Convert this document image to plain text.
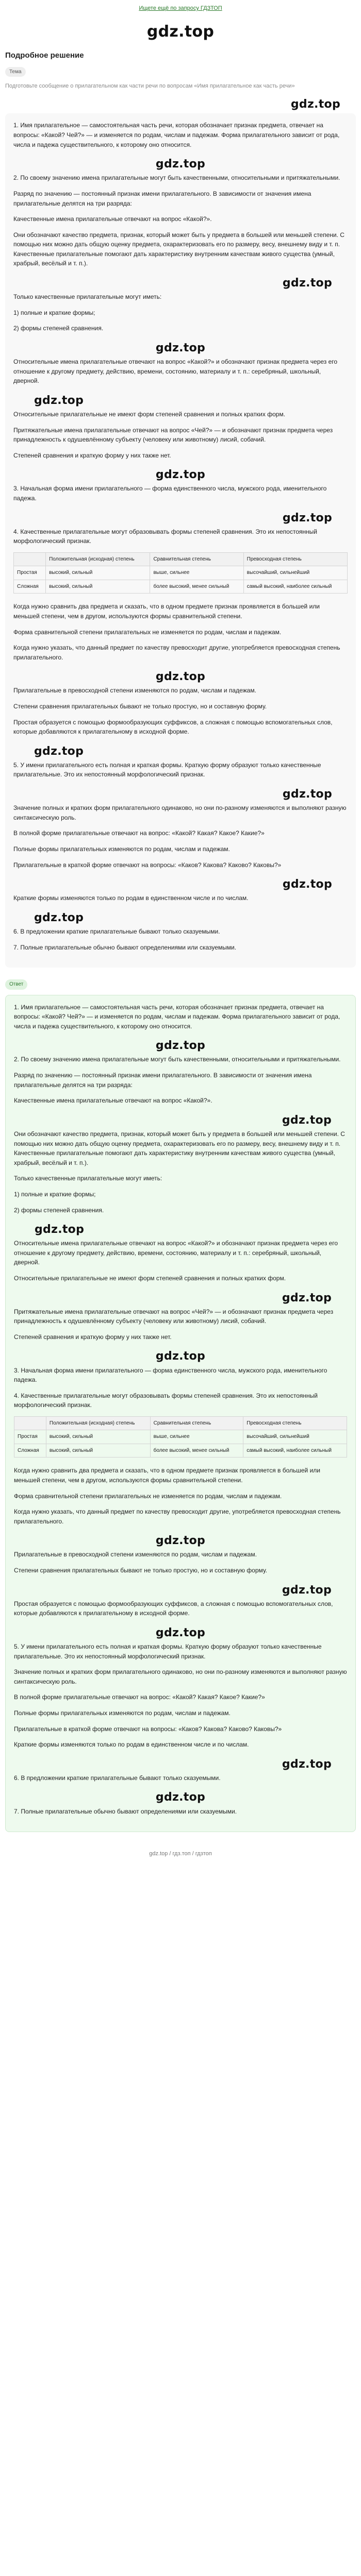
Ищете ещё по запросу ГДЗТОП
gdz.top
Подробное решение
Тема
Подготовьте сообщение о прилагательном как части речи по вопросам «Имя прилагательное как часть речи»
gdz.top

1. Имя прилагательное — самостоятельная часть речи, которая обозначает признак предмета, отвечает на вопросы: «Какой? Чей?» — и изменяется по родам, числам и падежам. Форма прилагательного зависит от рода, числа и падежа существительного, к которому оно относится.

gdz.top

2. По своему значению имена прилагательные могут быть качественными, относительными и притяжательными.

Разряд по значению — постоянный признак имени прилагательного. В зависимости от значения имена прилагательные делятся на три разряда:

Качественные имена прилагательные отвечают на вопрос «Какой?».

Они обозначают качество предмета, признак, который может быть у предмета в большей или меньшей степени. С помощью них можно дать общую оценку предмета, охарактеризовать его по размеру, весу, внешнему виду и т. п. Качественные прилагательные помогают дать характеристику внутренним качествам живого существа (умный, храбрый, весёлый и т. п.).

gdz.top

Только качественные прилагательные могут иметь:

1) полные и краткие формы;

2) формы степеней сравнения.

gdz.top

Относительные имена прилагательные отвечают на вопрос «Какой?» и обозначают признак предмета через его отношение к другому предмету, действию, времени, состоянию, материалу и т. п.: серебряный, школьный, дверной.

gdz.top

Относительные прилагательные не имеют форм степеней сравнения и полных кратких форм.

Притяжательные имена прилагательные отвечают на вопрос «Чей?» — и обозначают признак предмета через принадлежность к одушевлённому субъекту (человеку или животному) лисий, собачий.

Степеней сравнения и краткую форму у них также нет.

gdz.top

3. Начальная форма имени прилагательного — форма единственного числа, мужского рода, именительного падежа.

gdz.top

4. Качественные прилагательные могут образовывать формы степеней сравнения. Это их непостоянный морфологический признак.

	Положительная (исходная) степень	Сравнительная степень	Превосходная степень
Простая	высокий, сильный	выше, сильнее	высочайший, сильнейший
Сложная	высокий, сильный	более высокий, менее сильный	самый высокий, наиболее сильный

Когда нужно сравнить два предмета и сказать, что в одном предмете признак проявляется в большей или меньшей степени, чем в другом, используются формы сравнительной степени.

Форма сравнительной степени прилагательных не изменяется по родам, числам и падежам.

Когда нужно указать, что данный предмет по качеству превосходит другие, употребляется превосходная степень прилагательного.

gdz.top

Прилагательные в превосходной степени изменяются по родам, числам и падежам.

Степени сравнения прилагательных бывают не только простую, но и составную форму.

Простая образуется с помощью формообразующих суффиксов, а сложная с помощью вспомогательных слов, которые добавляются к прилагательному в исходной форме.

gdz.top

5. У имени прилагательного есть полная и краткая формы. Краткую форму образуют только качественные прилагательные. Это их непостоянный морфологический признак.

gdz.top

Значение полных и кратких форм прилагательного одинаково, но они по-разному изменяются и выполняют разную синтаксическую роль.

В полной форме прилагательные отвечают на вопрос: «Какой? Какая? Какое? Какие?»

Полные формы прилагательных изменяются по родам, числам и падежам.

Прилагательные в краткой форме отвечают на вопросы: «Каков? Какова? Каково? Каковы?»

gdz.top

Краткие формы изменяются только по родам в единственном числе и по числам.

gdz.top

6. В предложении краткие прилагательные бывают только сказуемыми.

7. Полные прилагательные обычно бывают определениями или сказуемыми.

Ответ

1. Имя прилагательное — самостоятельная часть речи, которая обозначает признак предмета, отвечает на вопросы: «Какой? Чей?» — и изменяется по родам, числам и падежам. Форма прилагательного зависит от рода, числа и падежа существительного, к которому оно относится.

gdz.top

2. По своему значению имена прилагательные могут быть качественными, относительными и притяжательными.

Разряд по значению — постоянный признак имени прилагательного. В зависимости от значения имена прилагательные делятся на три разряда:

Качественные имена прилагательные отвечают на вопрос «Какой?».

gdz.top

Они обозначают качество предмета, признак, который может быть у предмета в большей или меньшей степени. С помощью них можно дать общую оценку предмета, охарактеризовать его по размеру, весу, внешнему виду и т. п. Качественные прилагательные помогают дать характеристику внутренним качествам живого существа (умный, храбрый, весёлый и т. п.).

Только качественные прилагательные могут иметь:

1) полные и краткие формы;

2) формы степеней сравнения.

gdz.top

Относительные имена прилагательные отвечают на вопрос «Какой?» и обозначают признак предмета через его отношение к другому предмету, действию, времени, состоянию, материалу и т. п.: серебряный, школьный, дверной.

Относительные прилагательные не имеют форм степеней сравнения и полных кратких форм.

gdz.top

Притяжательные имена прилагательные отвечают на вопрос «Чей?» — и обозначают признак предмета через принадлежность к одушевлённому субъекту (человеку или животному) лисий, собачий.

Степеней сравнения и краткую форму у них также нет.

gdz.top

3. Начальная форма имени прилагательного — форма единственного числа, мужского рода, именительного падежа.

4. Качественные прилагательные могут образовывать формы степеней сравнения. Это их непостоянный морфологический признак.

	Положительная (исходная) степень	Сравнительная степень	Превосходная степень
Простая	высокий, сильный	выше, сильнее	высочайший, сильнейший
Сложная	высокий, сильный	более высокий, менее сильный	самый высокий, наиболее сильный

Когда нужно сравнить два предмета и сказать, что в одном предмете признак проявляется в большей или меньшей степени, чем в другом, используются формы сравнительной степени.

Форма сравнительной степени прилагательных не изменяется по родам, числам и падежам.

Когда нужно указать, что данный предмет по качеству превосходит другие, употребляется превосходная степень прилагательного.

gdz.top

Прилагательные в превосходной степени изменяются по родам, числам и падежам.

Степени сравнения прилагательных бывают не только простую, но и составную форму.

gdz.top

Простая образуется с помощью формообразующих суффиксов, а сложная с помощью вспомогательных слов, которые добавляются к прилагательному в исходной форме.

gdz.top

5. У имени прилагательного есть полная и краткая формы. Краткую форму образуют только качественные прилагательные. Это их непостоянный морфологический признак.

Значение полных и кратких форм прилагательного одинаково, но они по-разному изменяются и выполняют разную синтаксическую роль.

В полной форме прилагательные отвечают на вопрос: «Какой? Какая? Какое? Какие?»

Полные формы прилагательных изменяются по родам, числам и падежам.

Прилагательные в краткой форме отвечают на вопросы: «Каков? Какова? Каково? Каковы?»

Краткие формы изменяются только по родам в единственном числе и по числам.

gdz.top

6. В предложении краткие прилагательные бывают только сказуемыми.

gdz.top

7. Полные прилагательные обычно бывают определениями или сказуемыми.

gdz.top / гдз.топ / гдзтоп
